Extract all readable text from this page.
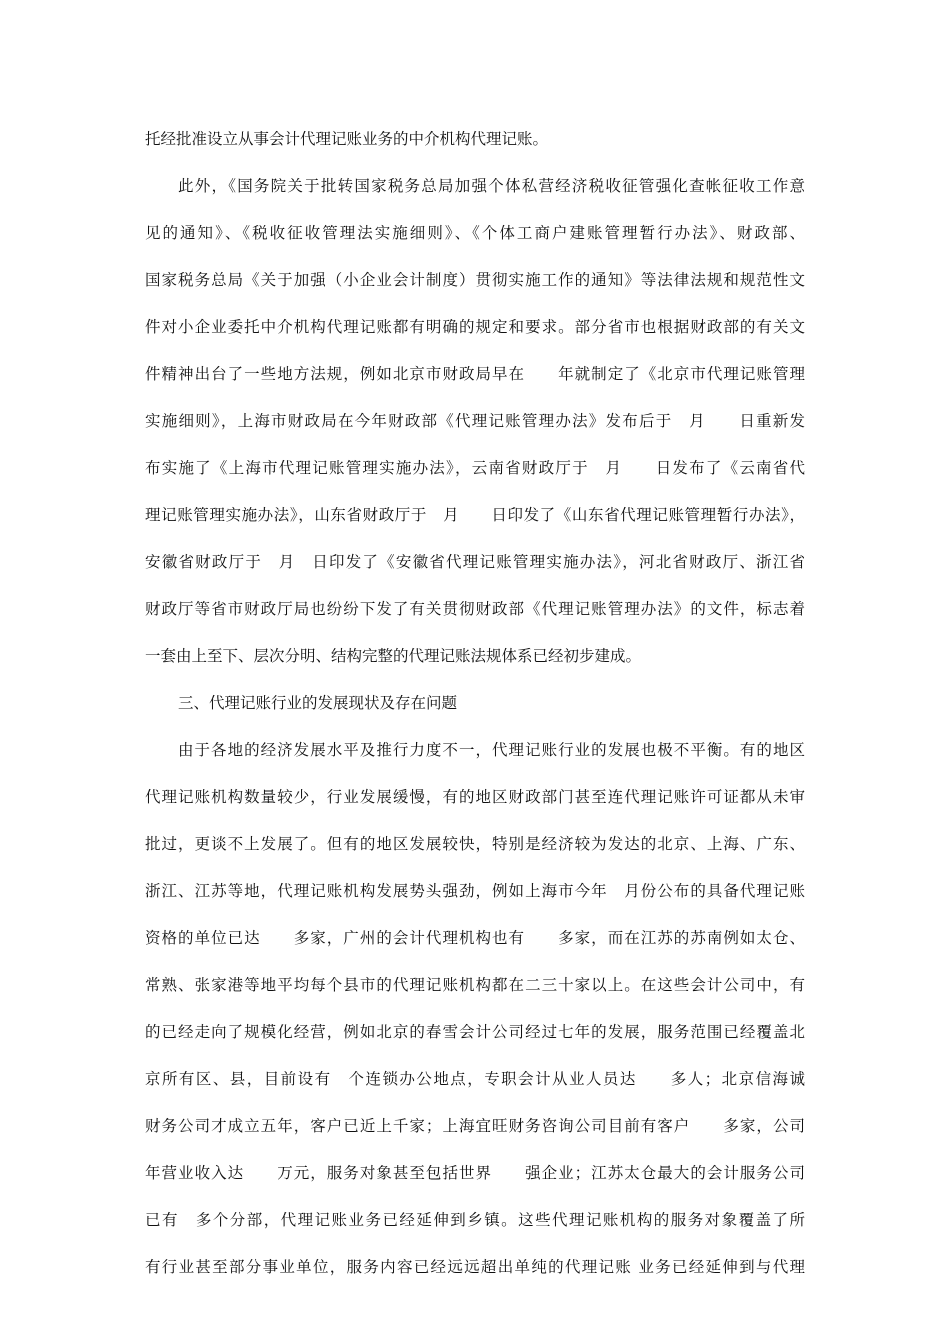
托经批准设立从事会计代理记账业务的中介机构代理记账。
此外，《国务院关于批转国家税务总局加强个体私营经济税收征管强化查帐征收工作意
见的通知》、《税收征收管理法实施细则》、《个体工商户建账管理暂行办法》、财政部、
国家税务总局《关于加强（小企业会计制度）贯彻实施工作的通知》等法律法规和规范性文
件对小企业委托中介机构代理记账都有明确的规定和要求。部分省市也根据财政部的有关文
件精神出台了一些地方法规，例如北京市财政局早在　　年就制定了《北京市代理记账管理
实施细则》，上海市财政局在今年财政部《代理记账管理办法》发布后于　月　　日重新发
布实施了《上海市代理记账管理实施办法》，云南省财政厅于　月　　日发布了《云南省代
理记账管理实施办法》，山东省财政厅于　月　　日印发了《山东省代理记账管理暂行办法》，
安徽省财政厅于　月　日印发了《安徽省代理记账管理实施办法》，河北省财政厅、浙江省
财政厅等省市财政厅局也纷纷下发了有关贯彻财政部《代理记账管理办法》的文件，标志着
一套由上至下、层次分明、结构完整的代理记账法规体系已经初步建成。
三、代理记账行业的发展现状及存在问题
由于各地的经济发展水平及推行力度不一，代理记账行业的发展也极不平衡。有的地区
代理记账机构数量较少，行业发展缓慢，有的地区财政部门甚至连代理记账许可证都从未审
批过，更谈不上发展了。但有的地区发展较快，特别是经济较为发达的北京、上海、广东、
浙江、江苏等地，代理记账机构发展势头强劲，例如上海市今年　月份公布的具备代理记账
资格的单位已达　　多家，广州的会计代理机构也有　　多家，而在江苏的苏南例如太仓、
常熟、张家港等地平均每个县市的代理记账机构都在二三十家以上。在这些会计公司中，有
的已经走向了规模化经营，例如北京的春雪会计公司经过七年的发展，服务范围已经覆盖北
京所有区、县，目前设有　个连锁办公地点，专职会计从业人员达　　多人；北京信海诚
财务公司才成立五年，客户已近上千家；上海宜旺财务咨询公司目前有客户　　多家，公司
年营业收入达　　万元，服务对象甚至包括世界　　强企业；江苏太仓最大的会计服务公司
已有　多个分部，代理记账业务已经延伸到乡镇。这些代理记账机构的服务对象覆盖了所
有行业甚至部分事业单位，服务内容已经远远超出单纯的代理记账 业务已经延伸到与代理
